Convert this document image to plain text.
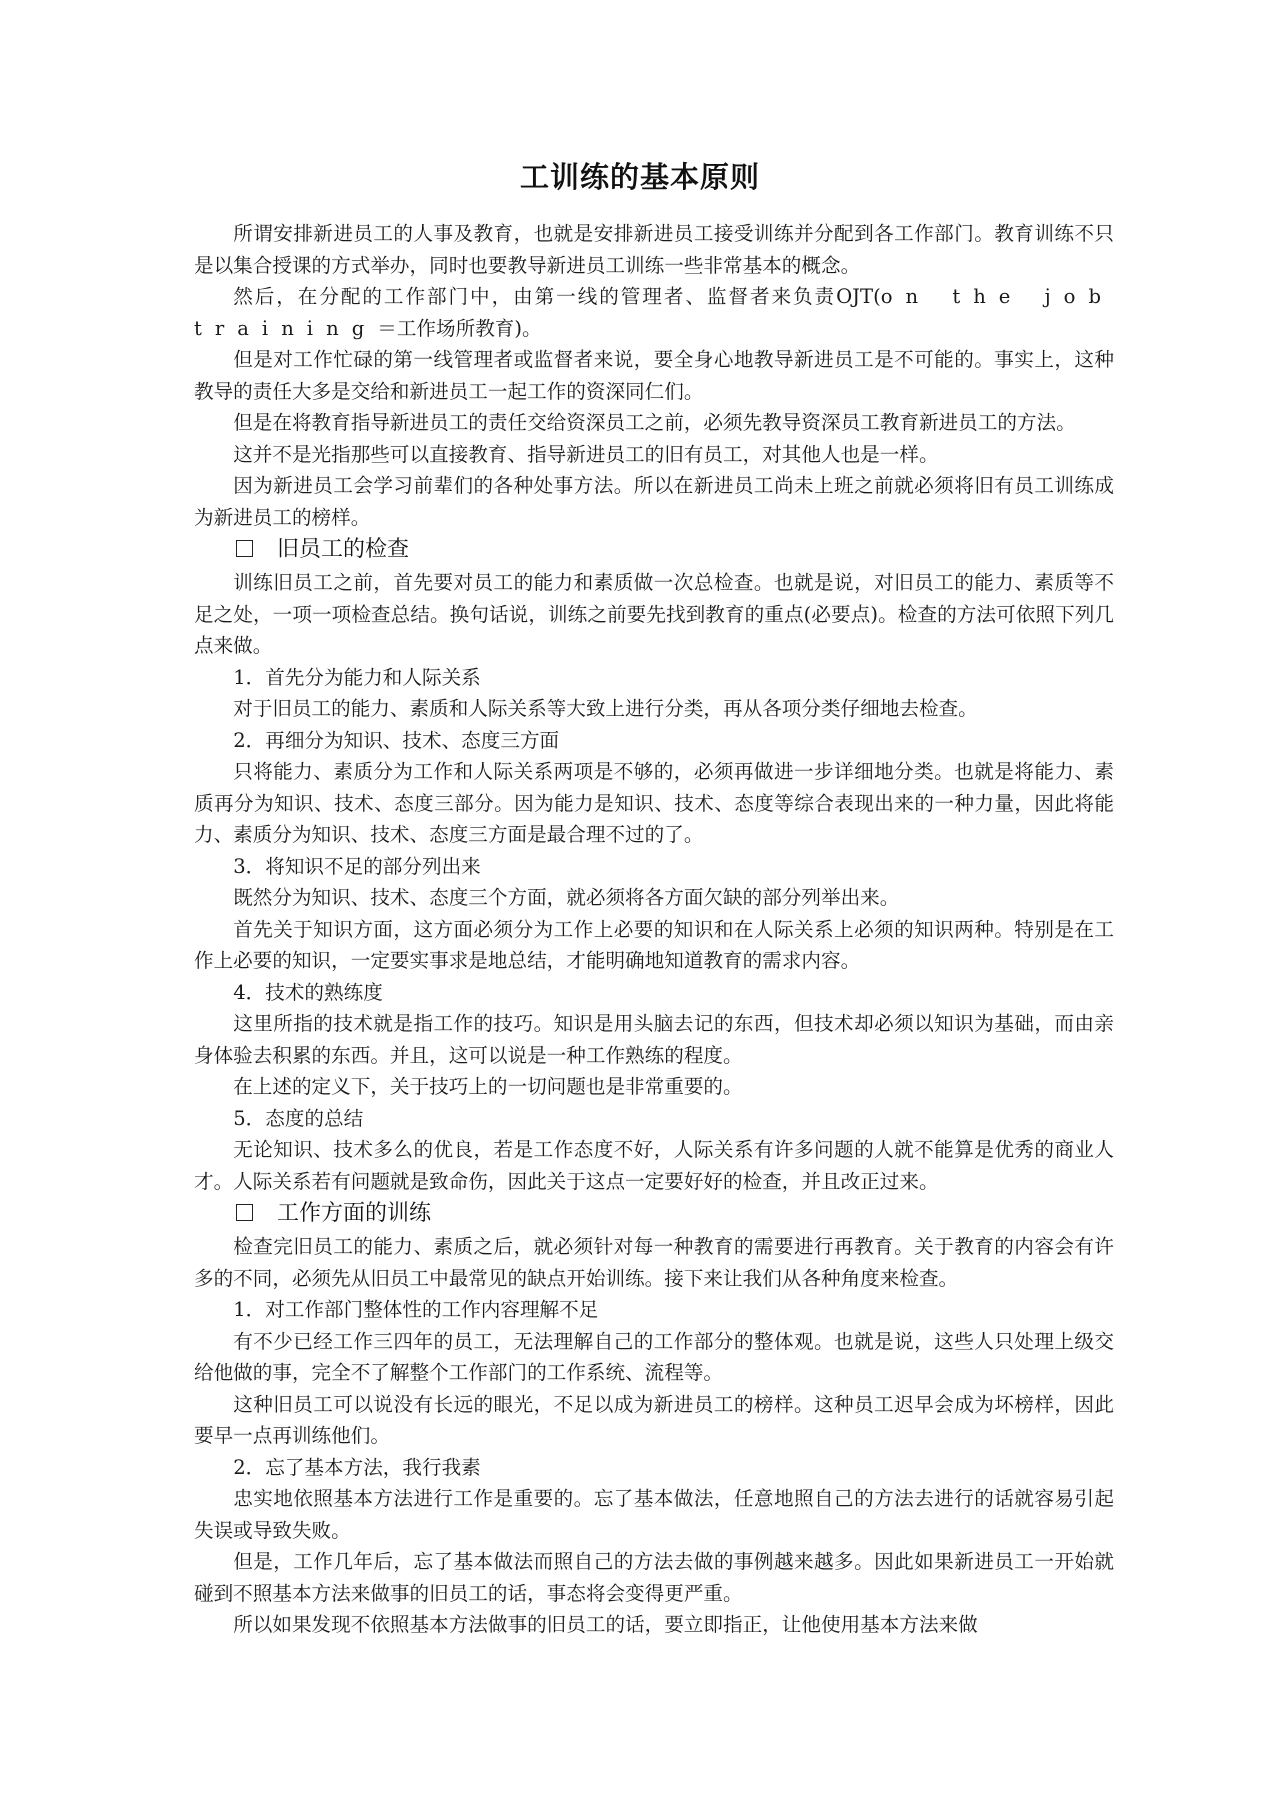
工训练的基本原则

所谓安排新进员工的人事及教育，也就是安排新进员工接受训练并分配到各工作部门。教育训练不只是以集合授课的方式举办，同时也要教导新进员工训练一些非常基本的概念。

然后，在分配的工作部门中，由第一线的管理者、监督者来负责OJT(on the job training＝工作场所教育)。

但是对工作忙碌的第一线管理者或监督者来说，要全身心地教导新进员工是不可能的。事实上，这种教导的责任大多是交给和新进员工一起工作的资深同仁们。

但是在将教育指导新进员工的责任交给资深员工之前，必须先教导资深员工教育新进员工的方法。

这并不是光指那些可以直接教育、指导新进员工的旧有员工，对其他人也是一样。

因为新进员工会学习前辈们的各种处事方法。所以在新进员工尚未上班之前就必须将旧有员工训练成为新进员工的榜样。

旧员工的检查

训练旧员工之前，首先要对员工的能力和素质做一次总检查。也就是说，对旧员工的能力、素质等不足之处，一项一项检查总结。换句话说，训练之前要先找到教育的重点(必要点)。检查的方法可依照下列几点来做。

1．首先分为能力和人际关系

对于旧员工的能力、素质和人际关系等大致上进行分类，再从各项分类仔细地去检查。

2．再细分为知识、技术、态度三方面

只将能力、素质分为工作和人际关系两项是不够的，必须再做进一步详细地分类。也就是将能力、素质再分为知识、技术、态度三部分。因为能力是知识、技术、态度等综合表现出来的一种力量，因此将能力、素质分为知识、技术、态度三方面是最合理不过的了。

3．将知识不足的部分列出来

既然分为知识、技术、态度三个方面，就必须将各方面欠缺的部分列举出来。

首先关于知识方面，这方面必须分为工作上必要的知识和在人际关系上必须的知识两种。特别是在工作上必要的知识，一定要实事求是地总结，才能明确地知道教育的需求内容。

4．技术的熟练度

这里所指的技术就是指工作的技巧。知识是用头脑去记的东西，但技术却必须以知识为基础，而由亲身体验去积累的东西。并且，这可以说是一种工作熟练的程度。

在上述的定义下，关于技巧上的一切问题也是非常重要的。

5．态度的总结

无论知识、技术多么的优良，若是工作态度不好，人际关系有许多问题的人就不能算是优秀的商业人才。人际关系若有问题就是致命伤，因此关于这点一定要好好的检查，并且改正过来。

工作方面的训练

检查完旧员工的能力、素质之后，就必须针对每一种教育的需要进行再教育。关于教育的内容会有许多的不同，必须先从旧员工中最常见的缺点开始训练。接下来让我们从各种角度来检查。

1．对工作部门整体性的工作内容理解不足

有不少已经工作三四年的员工，无法理解自己的工作部分的整体观。也就是说，这些人只处理上级交给他做的事，完全不了解整个工作部门的工作系统、流程等。

这种旧员工可以说没有长远的眼光，不足以成为新进员工的榜样。这种员工迟早会成为坏榜样，因此要早一点再训练他们。

2．忘了基本方法，我行我素

忠实地依照基本方法进行工作是重要的。忘了基本做法，任意地照自己的方法去进行的话就容易引起失误或导致失败。

但是，工作几年后，忘了基本做法而照自己的方法去做的事例越来越多。因此如果新进员工一开始就碰到不照基本方法来做事的旧员工的话，事态将会变得更严重。

所以如果发现不依照基本方法做事的旧员工的话，要立即指正，让他使用基本方法来做
